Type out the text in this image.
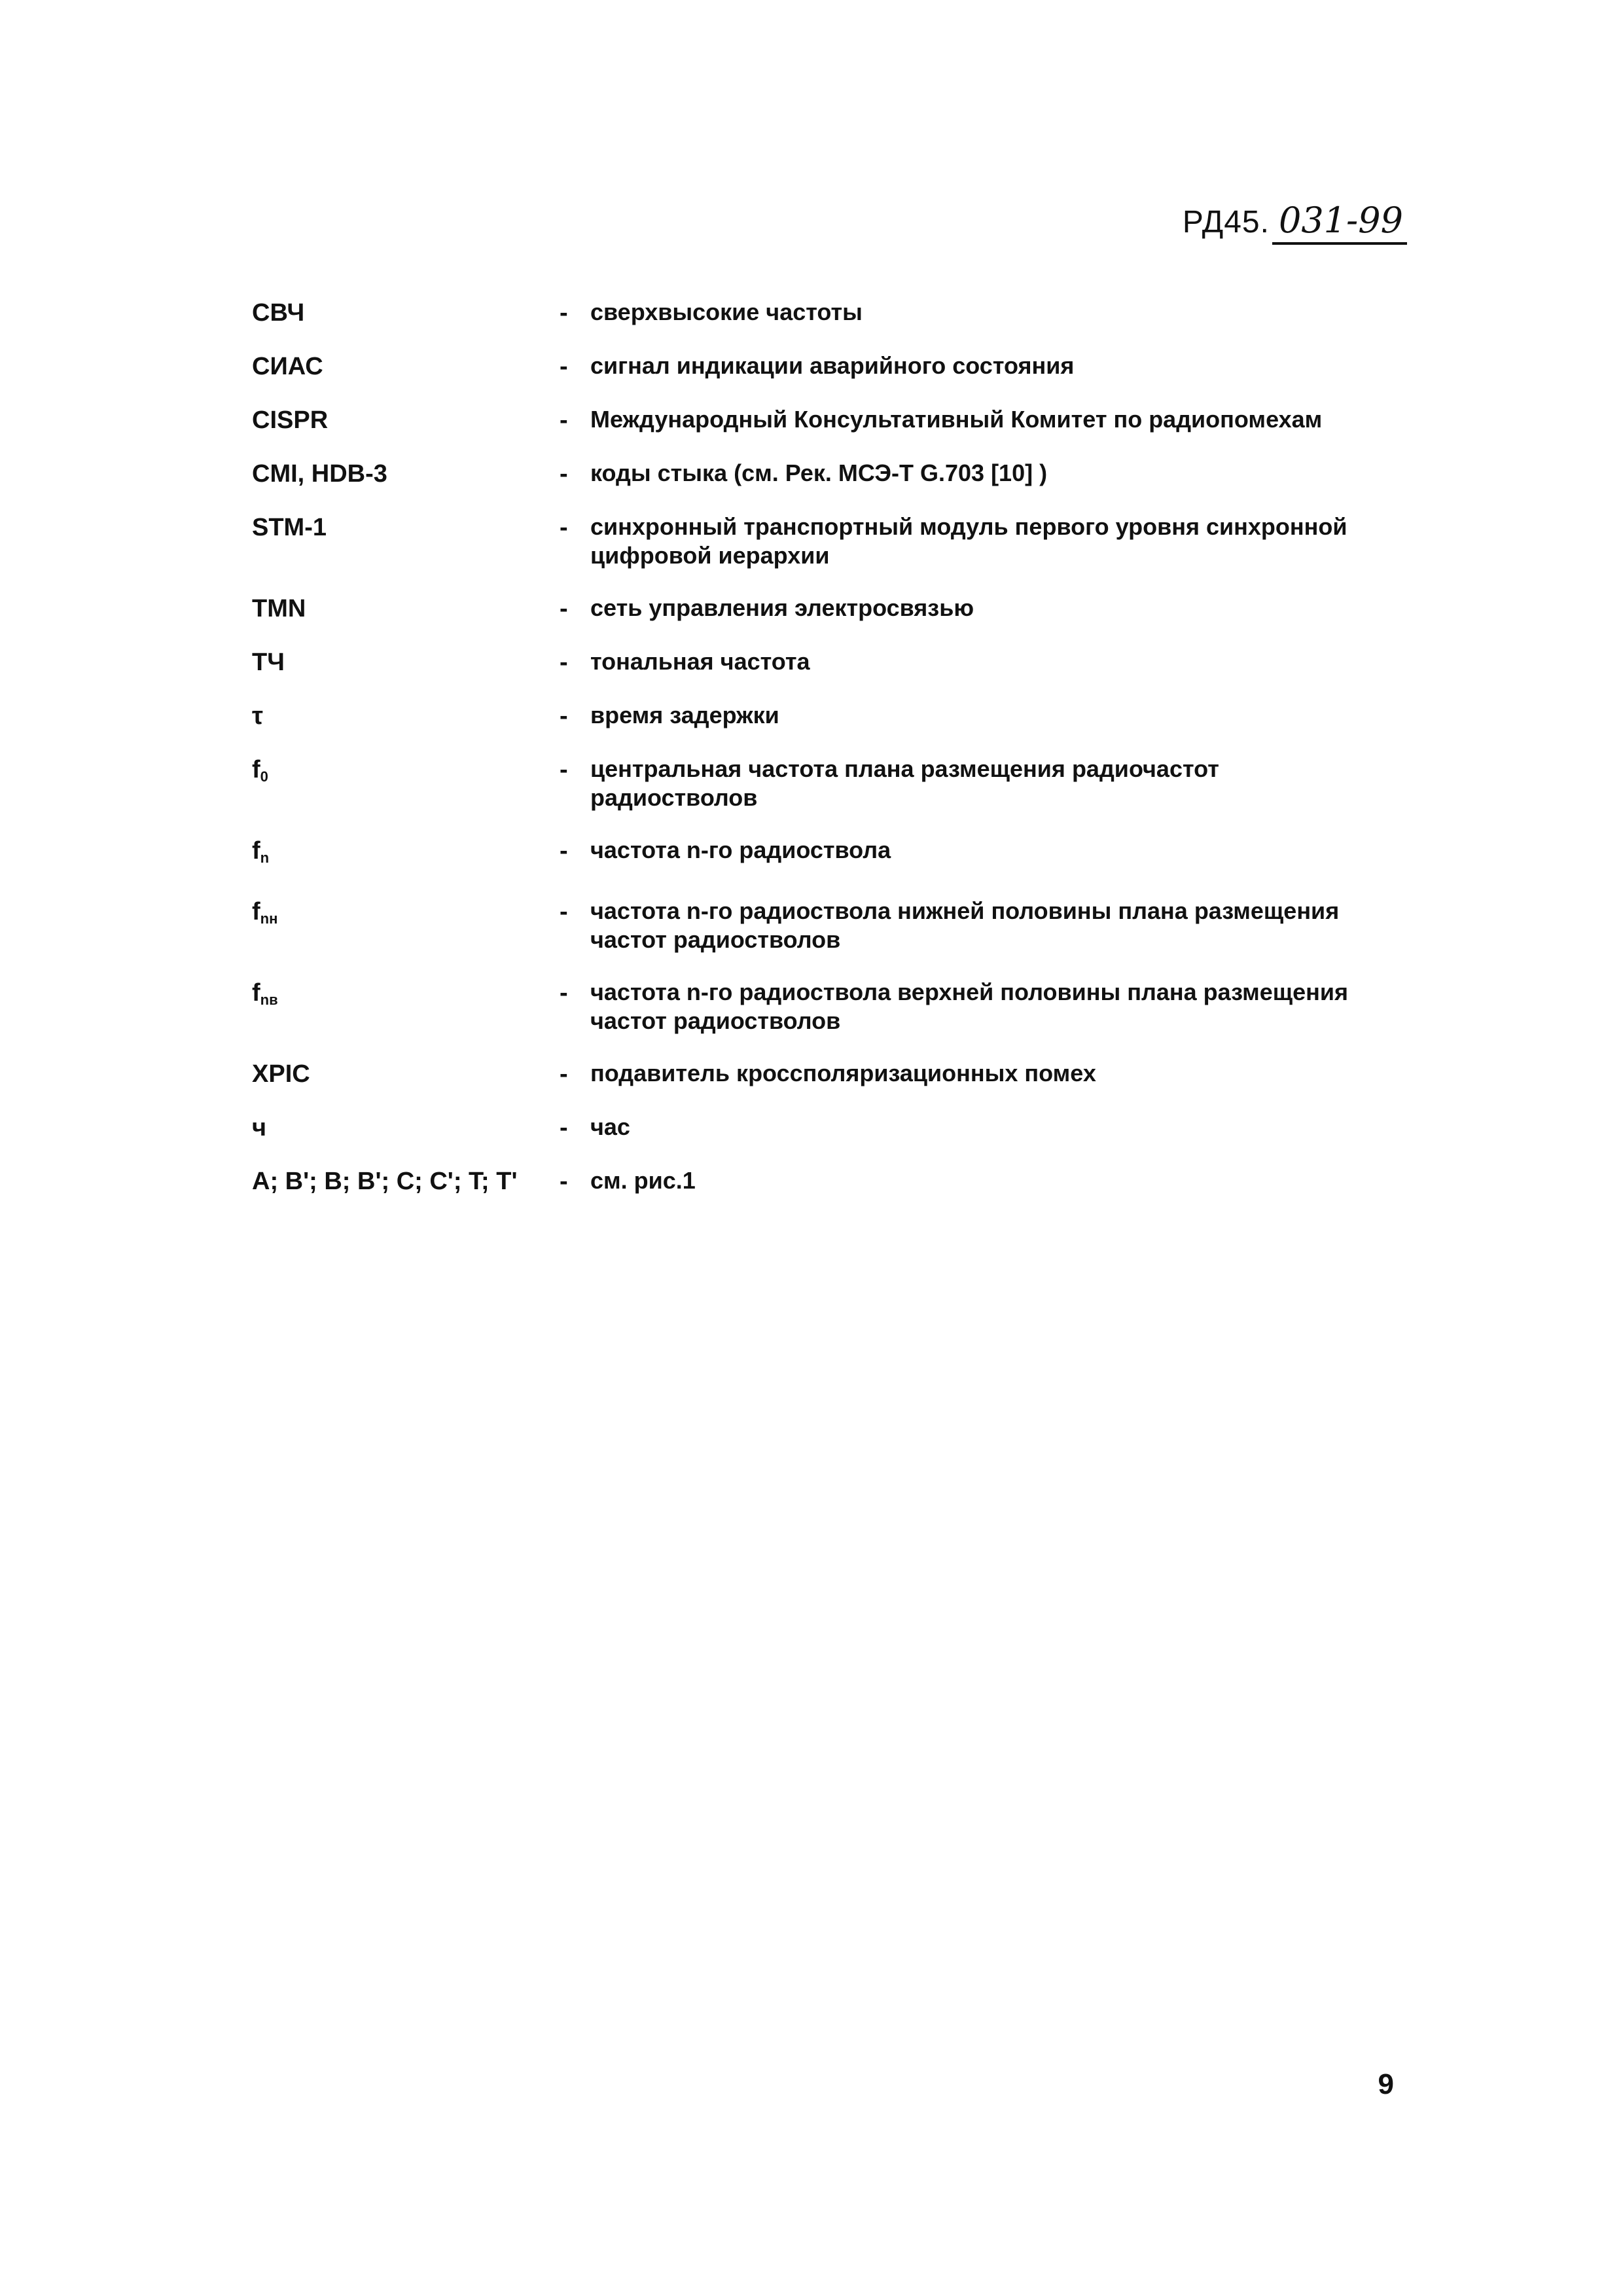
РД45. 031-99
СВЧ	- сверхвысокие частоты
СИАС	- сигнал индикации аварийного состояния
CISPR	- Международный Консультативный Комитет по радиопомехам
CMI, HDB-3	- коды стыка (см. Рек. МСЭ-Т G.703 [10] )
STM-1	- синхронный транспортный модуль первого уровня синхронной цифровой иерархии
TMN	- сеть управления электросвязью
ТЧ	- тональная частота
τ	- время задержки
$f_0$	- центральная частота плана размещения радиочастот радиостволов
$f_n$	- частота n-го радиоствола
$f_{nн}$	- частота n-го радиоствола нижней половины плана размещения частот радиостволов
$f_{nв}$	- частота n-го радиоствола верхней половины плана размещения частот радиостволов
XPIC	- подавитель кроссполяризационных помех
ч	- час
A; B'; B; B'; C; C'; T; T'	- см. рис.1
9
